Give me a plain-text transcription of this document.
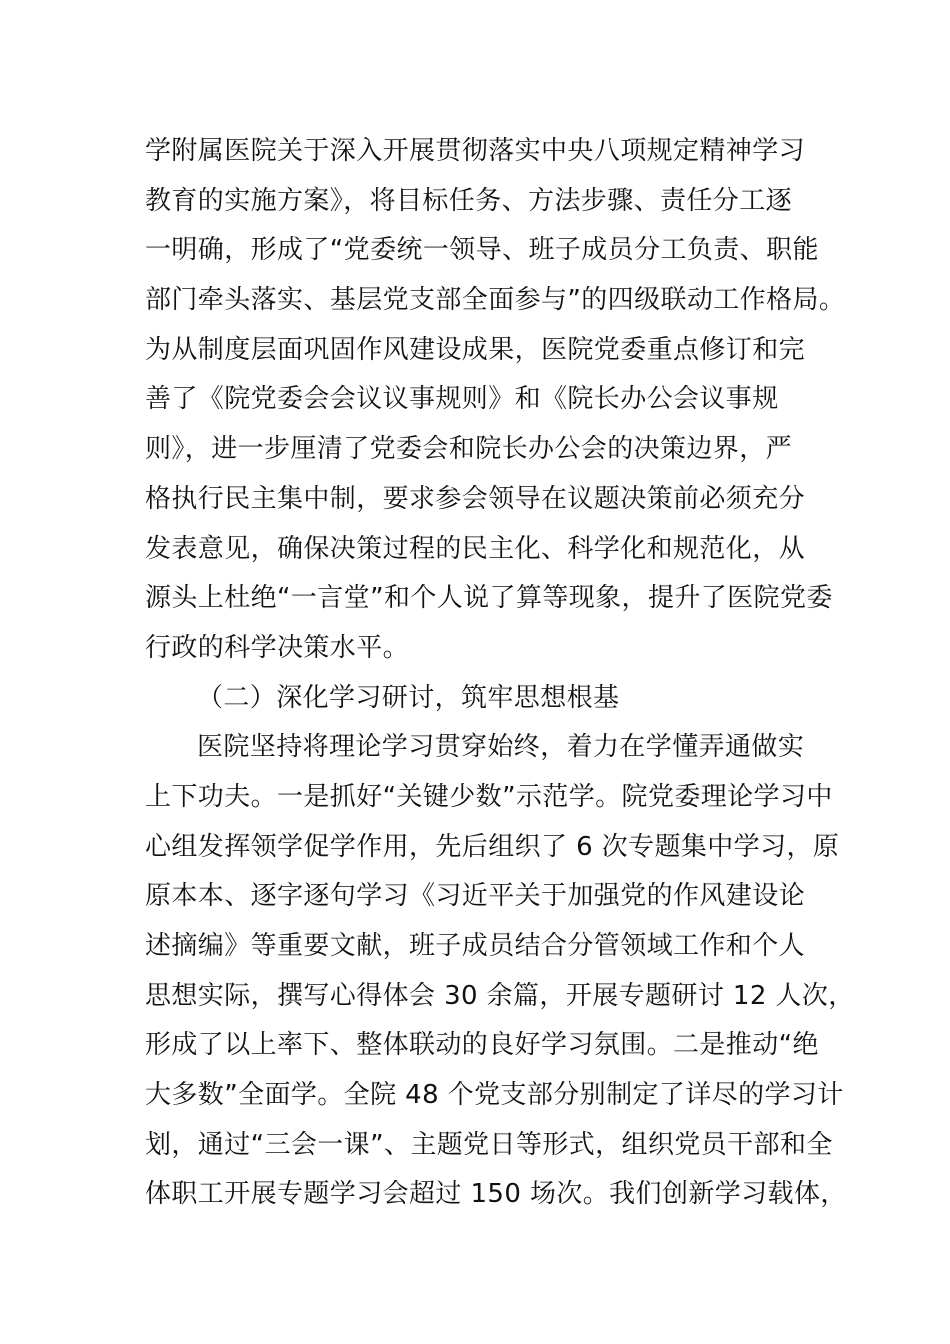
学附属医院关于深入开展贯彻落实中央八项规定精神学习
教育的实施方案》，将目标任务、方法步骤、责任分工逐
一明确，形成了“党委统一领导、班子成员分工负责、职能
部门牵头落实、基层党支部全面参与”的四级联动工作格局。
为从制度层面巩固作风建设成果，医院党委重点修订和完
善了《院党委会会议议事规则》和《院长办公会议事规
则》，进一步厘清了党委会和院长办公会的决策边界，严
格执行民主集中制，要求参会领导在议题决策前必须充分
发表意见，确保决策过程的民主化、科学化和规范化，从
源头上杜绝“一言堂”和个人说了算等现象，提升了医院党委
行政的科学决策水平。
（二）深化学习研讨，筑牢思想根基
医院坚持将理论学习贯穿始终，着力在学懂弄通做实
上下功夫。一是抓好“关键少数”示范学。院党委理论学习中
心组发挥领学促学作用，先后组织了 6 次专题集中学习，原
原本本、逐字逐句学习《习近平关于加强党的作风建设论
述摘编》等重要文献，班子成员结合分管领域工作和个人
思想实际，撰写心得体会 30 余篇，开展专题研讨 12 人次，
形成了以上率下、整体联动的良好学习氛围。二是推动“绝
大多数”全面学。全院 48 个党支部分别制定了详尽的学习计
划，通过“三会一课”、主题党日等形式，组织党员干部和全
体职工开展专题学习会超过 150 场次。我们创新学习载体，
